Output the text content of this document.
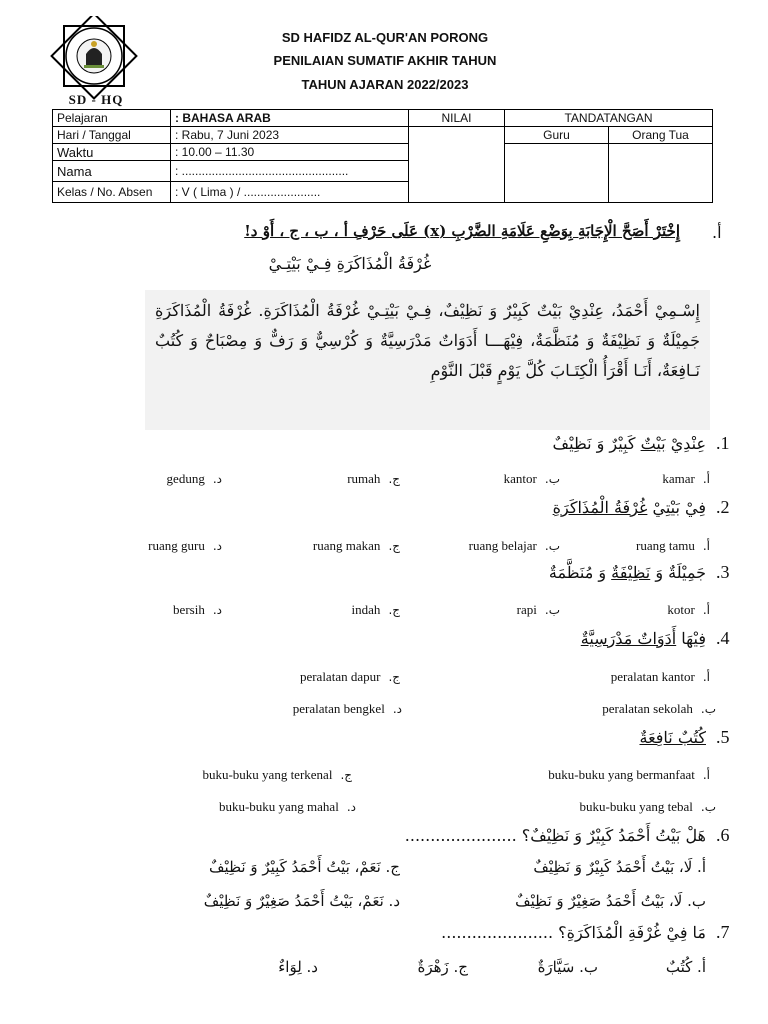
SD - HQ
SD HAFIDZ AL-QUR'AN PORONG
PENILAIAN SUMATIF AKHIR TAHUN
TAHUN AJARAN 2022/2023
Pelajaran	: BAHASA ARAB	NILAI	TANDATANGAN	
Hari / Tanggal	: Rabu, 7 Juni 2023		Guru	Orang Tua
Waktu	: 10.00 – 11.30			
Nama	: ..................................................			
Kelas / No. Absen	: V ( Lima ) / .......................			
أ.
إِخْتَرْ أَصَحَّ الْإِجَابَةِ بِوَضْعِ عَلَامَةِ الضَّرْبِ (x) عَلَى حَرْفِ أ ، ب ، ج ، أَوْ د!
غُرْفَةُ الْمُذَاكَرَةِ فِـيْ بَيْتِـيْ

إِسْـمِيْ أَحْمَدُ، عِنْدِيْ بَيْتٌ كَبِيْرٌ وَ نَظِيْفٌ، فِـيْ بَيْتِـيْ غُرْفَةُ الْمُذَاكَرَةِ. غُرْفَةُ الْمُذَاكَرَةِ جَمِيْلَةٌ وَ نَظِيْفَةٌ وَ مُنَظَّمَةٌ، فِيْهَـــا أَدَوَاتٌ مَدْرَسِيَّةٌ وَ كُرْسِيٌّ وَ رَفٌّ وَ مِصْبَاحٌ وَ كُتُبٌ نَـافِعَةٌ، أَنَـا أَقْرَأُ الْكِتَـابَ كُلَّ يَوْمٍ قَبْلَ النَّوْمِ

.1
عِنْدِيْ بَيْتٌ كَبِيْرٌ وَ نَظِيْفٌ
.2
فِيْ بَيْتِيْ غُرْفَةُ الْمُذَاكَرَةِ
.3
جَمِيْلَةٌ وَ نَظِيْفَةٌ وَ مُنَظَّمَةٌ
.4
فِيْهَا أَدَوَاتٌ مَدْرَسِيَّةٌ
.5
كُتُبٌ نَافِعَةٌ
.6
هَلْ بَيْتُ أَحْمَدُ كَبِيْرٌ وَ نَظِيْفٌ؟ ......................
.7
مَا فِيْ غُرْفَةِ الْمُذَاكَرَةِ؟ ......................
kamar أ.
kantor ب.
rumah ج.
gedung د.
ruang tamu أ.
ruang belajar ب.
ruang makan ج.
ruang guru د.
kotor أ.
rapi ب.
indah ج.
bersih د.
peralatan kantor أ.
peralatan sekolah ب.
peralatan dapur ج.
peralatan bengkel د.
buku-buku yang bermanfaat أ.
buku-buku yang tebal ب.
buku-buku yang terkenal ج.
buku-buku yang mahal د.
أ. لَا، بَيْتُ أَحْمَدُ كَبِيْرٌ وَ نَظِيْفٌ
ب. لَا، بَيْتُ أَحْمَدُ صَغِيْرٌ وَ نَظِيْفٌ
ج. نَعَمْ، بَيْتُ أَحْمَدُ كَبِيْرٌ وَ نَظِيْفٌ
د. نَعَمْ، بَيْتُ أَحْمَدُ صَغِيْرٌ وَ نَظِيْفٌ
أ. كُتُبٌ
ب. سَيَّارَةٌ
ج. زَهْرَةٌ
د. لِوَاءٌ
